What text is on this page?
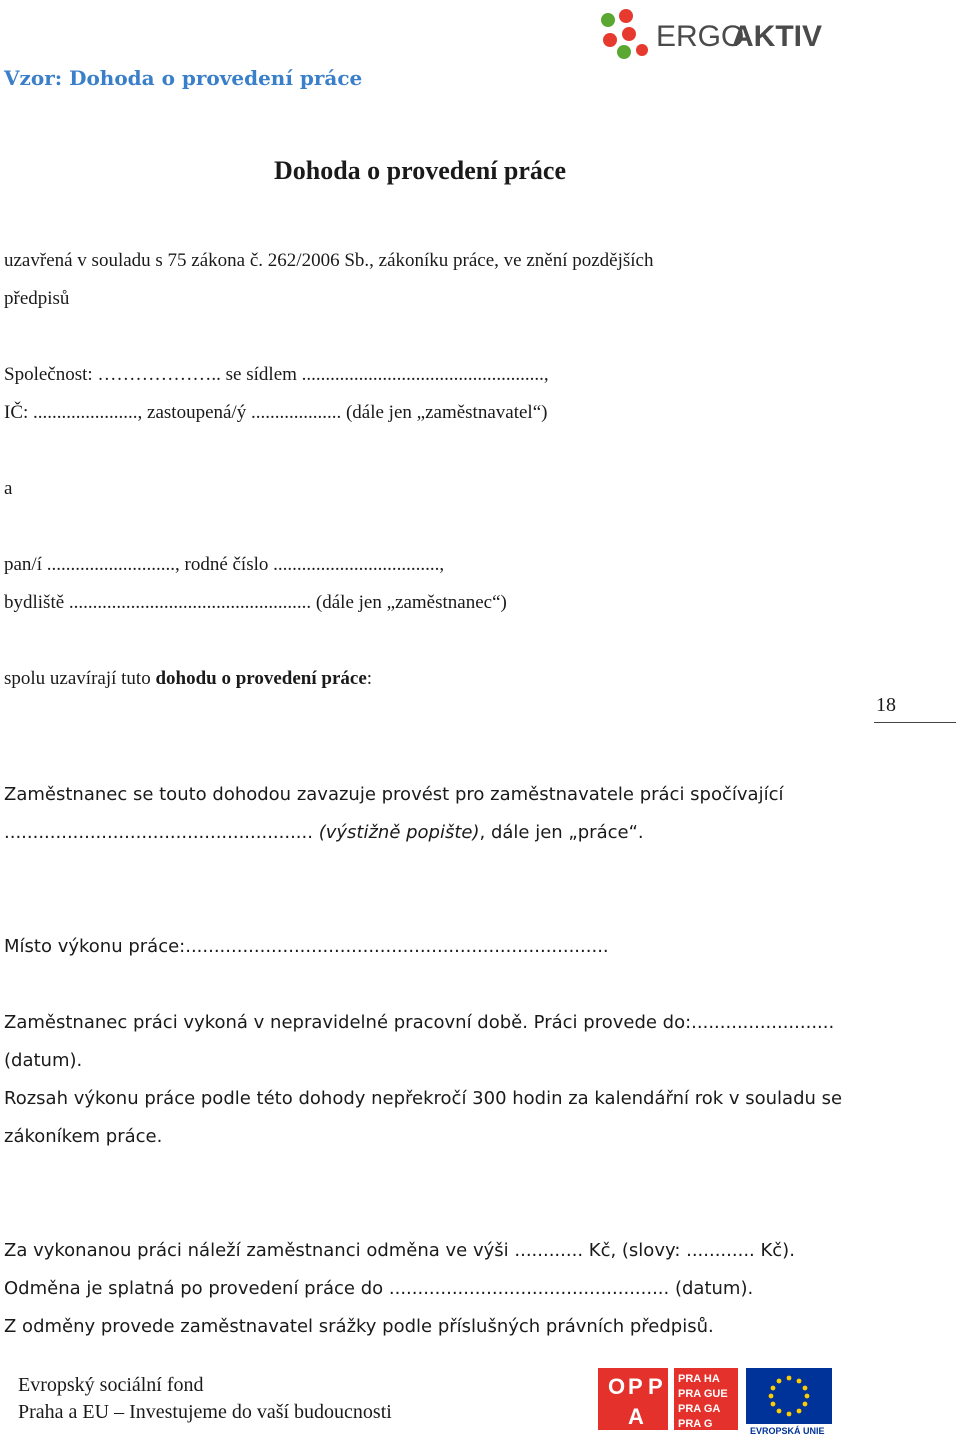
Vzor: Dohoda o provedení práce
ERGO
AKTIV
Dohoda o provedení práce
uzavřená v souladu s 75 zákona č. 262/2006 Sb., zákoníku práce, ve znění pozdějších
předpisů
Společnost: ……………….. se sídlem ...................................................,
IČ: ......................, zastoupená/ý ................... (dále jen „zaměstnavatel“)
a
pan/í ..........................., rodné číslo ...................................,
bydliště ................................................... (dále jen „zaměstnanec“)
spolu uzavírají tuto dohodu o provedení práce:
18
Zaměstnanec se touto dohodou zavazuje provést pro zaměstnavatele práci spočívající
...................................................... (výstižně popište), dále jen „práce“.
Místo výkonu práce:..........................................................................
Zaměstnanec práci vykoná v nepravidelné pracovní době. Práci provede do:.........................
(datum).
Rozsah výkonu práce podle této dohody nepřekročí 300 hodin za kalendářní rok v souladu se
zákoníkem práce.
Za vykonanou práci náleží zaměstnanci odměna ve výši ............ Kč, (slovy: ............ Kč).
Odměna je splatná po provedení práce do ................................................. (datum).
Z odměny provede zaměstnavatel srážky podle příslušných právních předpisů.
Evropský sociální fond
Praha a EU – Investujeme do vaší budoucnosti
O P P
A
PRA HA
PRA GUE
PRA GA
PRA G
EVROPSKÁ UNIE
